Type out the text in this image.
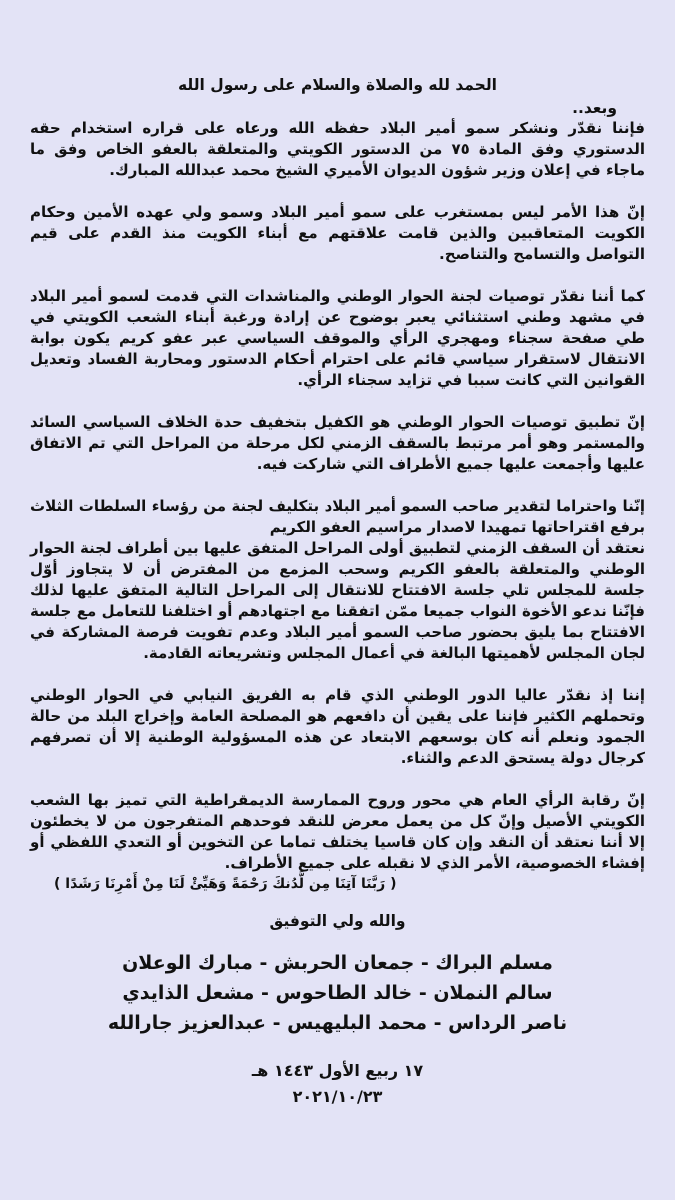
الحمد لله والصلاة والسلام على رسول الله

وبعد..

فإننا نقدّر ونشكر سمو أمير البلاد حفظه الله ورعاه على قراره استخدام حقه الدستوري وفق المادة ٧٥ من الدستور الكويتي والمتعلقة بالعفو الخاص وفق ما ماجاء في إعلان وزير شؤون الديوان الأميري الشيخ محمد عبدالله المبارك.

إنّ هذا الأمر ليس بمستغرب على سمو أمير البلاد وسمو ولي عهده الأمين وحكام الكويت المتعاقبين والذين قامت علاقتهم مع أبناء الكويت منذ القدم على قيم التواصل والتسامح والتناصح.

كما أننا نقدّر توصيات لجنة الحوار الوطني والمناشدات التي قدمت لسمو أمير البلاد في مشهد وطني استثنائي يعبر بوضوح عن إرادة ورغبة أبناء الشعب الكويتي في طي صفحة سجناء ومهجري الرأي والموقف السياسي عبر عفو كريم يكون بوابة الانتقال لاستقرار سياسي قائم على احترام أحكام الدستور ومحاربة الفساد وتعديل القوانين التي كانت سببا في تزايد سجناء الرأي.

إنّ تطبيق توصيات الحوار الوطني هو الكفيل بتخفيف حدة الخلاف السياسي السائد والمستمر وهو أمر مرتبط بالسقف الزمني لكل مرحلة من المراحل التي تم الاتفاق عليها وأجمعت عليها جميع الأطراف التي شاركت فيه.

إنّنا واحتراما لتقدير صاحب السمو أمير البلاد بتكليف لجنة من رؤساء السلطات الثلاث برفع اقتراحاتها تمهيدا لاصدار مراسيم العفو الكريم

نعتقد أن السقف الزمني لتطبيق أولى المراحل المتفق عليها بين أطراف لجنة الحوار الوطني والمتعلقة بالعفو الكريم وسحب المزمع من المفترض أن لا يتجاوز أوّل جلسة للمجلس تلي جلسة الافتتاح للانتقال إلى المراحل التالية المتفق عليها لذلك فإنّنا ندعو الأخوة النواب جميعا ممّن اتفقنا مع اجتهادهم أو اختلفنا للتعامل مع جلسة الافتتاح بما يليق بحضور صاحب السمو أمير البلاد وعدم تفويت فرصة المشاركة في لجان المجلس لأهميتها البالغة في أعمال المجلس وتشريعاته القادمة.

إننا إذ نقدّر عاليا الدور الوطني الذي قام به الفريق النيابي في الحوار الوطني وتحملهم الكثير فإننا على يقين أن دافعهم هو المصلحة العامة وإخراج البلد من حالة الجمود ونعلم أنه كان بوسعهم الابتعاد عن هذه المسؤولية الوطنية إلا أن تصرفهم كرجال دولة يستحق الدعم والثناء.

إنّ رقابة الرأي العام هي محور وروح الممارسة الديمقراطية التي تميز بها الشعب الكويتي الأصيل وإنّ كل من يعمل معرض للنقد فوحدهم المتفرجون من لا يخطئون إلا أننا نعتقد أن النقد وإن كان قاسيا يختلف تماما عن التخوين أو التعدي اللفظي أو إفشاء الخصوصية، الأمر الذي لا نقبله على جميع الأطراف.

( رَبَّنَا آتِنَا مِن لَّدُنكَ رَحْمَةً وَهَيِّئْ لَنَا مِنْ أَمْرِنَا رَشَدًا )

والله ولي التوفيق

مسلم البراك - جمعان الحربش - مبارك الوعلان

سالم النملان - خالد الطاحوس - مشعل الذايدي

ناصر الرداس - محمد البليهيس - عبدالعزيز جارالله

١٧ ربيع الأول ١٤٤٣ هـ

٢٠٢١/١٠/٢٣
